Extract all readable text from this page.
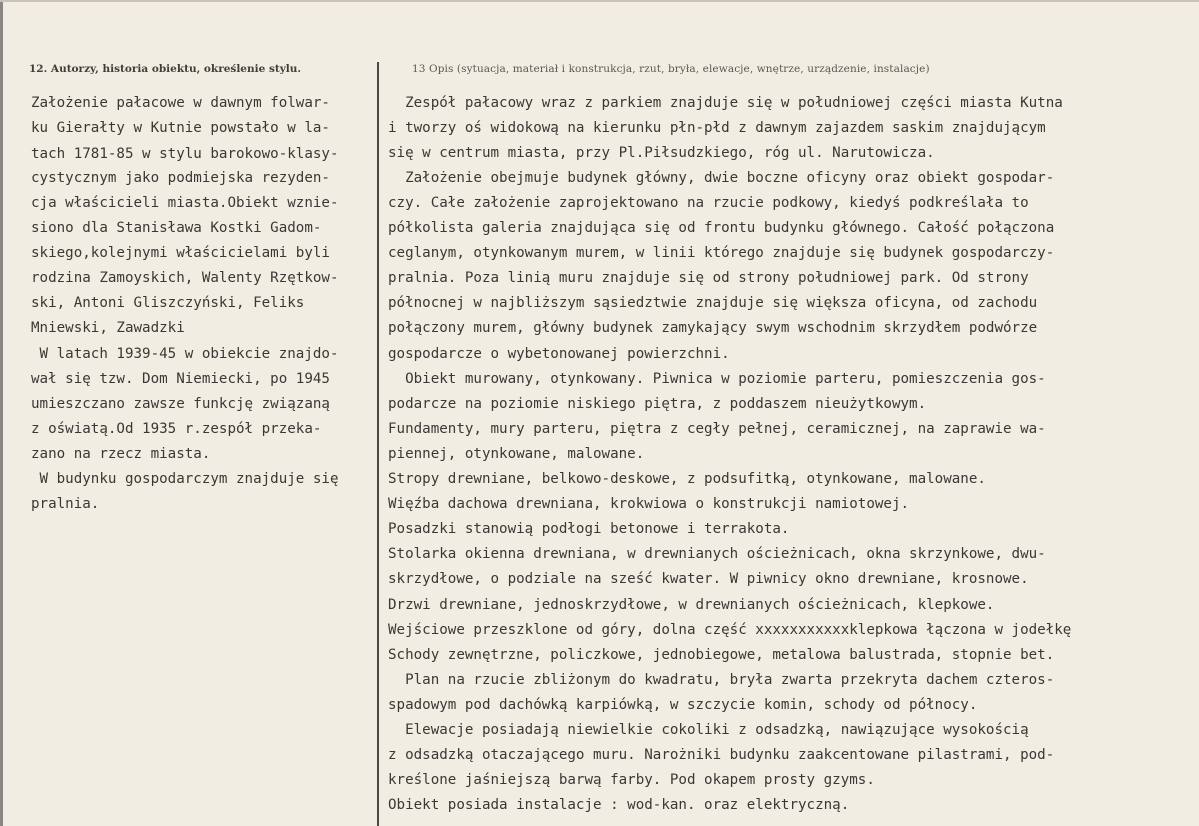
12. Autorzy, historia obiektu, określenie stylu.	13 Opis (sytuacja, materiał i konstrukcja, rzut, bryła, elewacje, wnętrze, urządzenie, instalacje)

Założenie pałacowe w dawnym folwar-
ku Gierałty w Kutnie powstało w la-
tach 1781-85 w stylu barokowo-klasy-
cystycznym jako podmiejska rezyden-
cja właścicieli miasta.Obiekt wznie-
siono dla Stanisława Kostki Gadom-
skiego,kolejnymi właścicielami byli
rodzina Zamoyskich, Walenty Rzętkow-
ski, Antoni Gliszczyński, Feliks
Mniewski, Zawadzki
W latach 1939-45 w obiekcie znajdo-
wał się tzw. Dom Niemiecki, po 1945
umieszczano zawsze funkcję związaną
z oświatą.Od 1935 r.zespół przeka-
zano na rzecz miasta.
W budynku gospodarczym znajduje się
pralnia.
Zespół pałacowy wraz z parkiem znajduje się w południowej części miasta Kutna
i tworzy oś widokową na kierunku płn-płd z dawnym zajazdem saskim znajdującym
się w centrum miasta, przy Pl.Piłsudzkiego, róg ul. Narutowicza.
Założenie obejmuje budynek główny, dwie boczne oficyny oraz obiekt gospodar-
czy. Całe założenie zaprojektowano na rzucie podkowy, kiedyś podkreślała to
półkolista galeria znajdująca się od frontu budynku głównego. Całość połączona
ceglanym, otynkowanym murem, w linii którego znajduje się budynek gospodarczy-
pralnia. Poza linią muru znajduje się od strony południowej park. Od strony
północnej w najbliższym sąsiedztwie znajduje się większa oficyna, od zachodu
połączony murem, główny budynek zamykający swym wschodnim skrzydłem podwórze
gospodarcze o wybetonowanej powierzchni.
Obiekt murowany, otynkowany. Piwnica w poziomie parteru, pomieszczenia gos-
podarcze na poziomie niskiego piętra, z poddaszem nieużytkowym.
Fundamenty, mury parteru, piętra z cegły pełnej, ceramicznej, na zaprawie wa-
piennej, otynkowane, malowane.
Stropy drewniane, belkowo-deskowe, z podsufitką, otynkowane, malowane.
Więźba dachowa drewniana, krokwiowa o konstrukcji namiotowej.
Posadzki stanowią podłogi betonowe i terrakota.
Stolarka okienna drewniana, w drewnianych ościeżnicach, okna skrzynkowe, dwu-
skrzydłowe, o podziale na sześć kwater. W piwnicy okno drewniane, krosnowe.
Drzwi drewniane, jednoskrzydłowe, w drewnianych ościeżnicach, klepkowe.
Wejściowe przeszklone od góry, dolna część xxxxxxxxxxxklepkowa łączona w jodełkę
Schody zewnętrzne, policzkowe, jednobiegowe, metalowa balustrada, stopnie bet.
Plan na rzucie zbliżonym do kwadratu, bryła zwarta przekryta dachem czteros-
spadowym pod dachówką karpiówką, w szczycie komin, schody od północy.
Elewacje posiadają niewielkie cokoliki z odsadzką, nawiązujące wysokością
z odsadzką otaczającego muru. Narożniki budynku zaakcentowane pilastrami, pod-
kreślone jaśniejszą barwą farby. Pod okapem prosty gzyms.
Obiekt posiada instalacje : wod-kan. oraz elektryczną.
